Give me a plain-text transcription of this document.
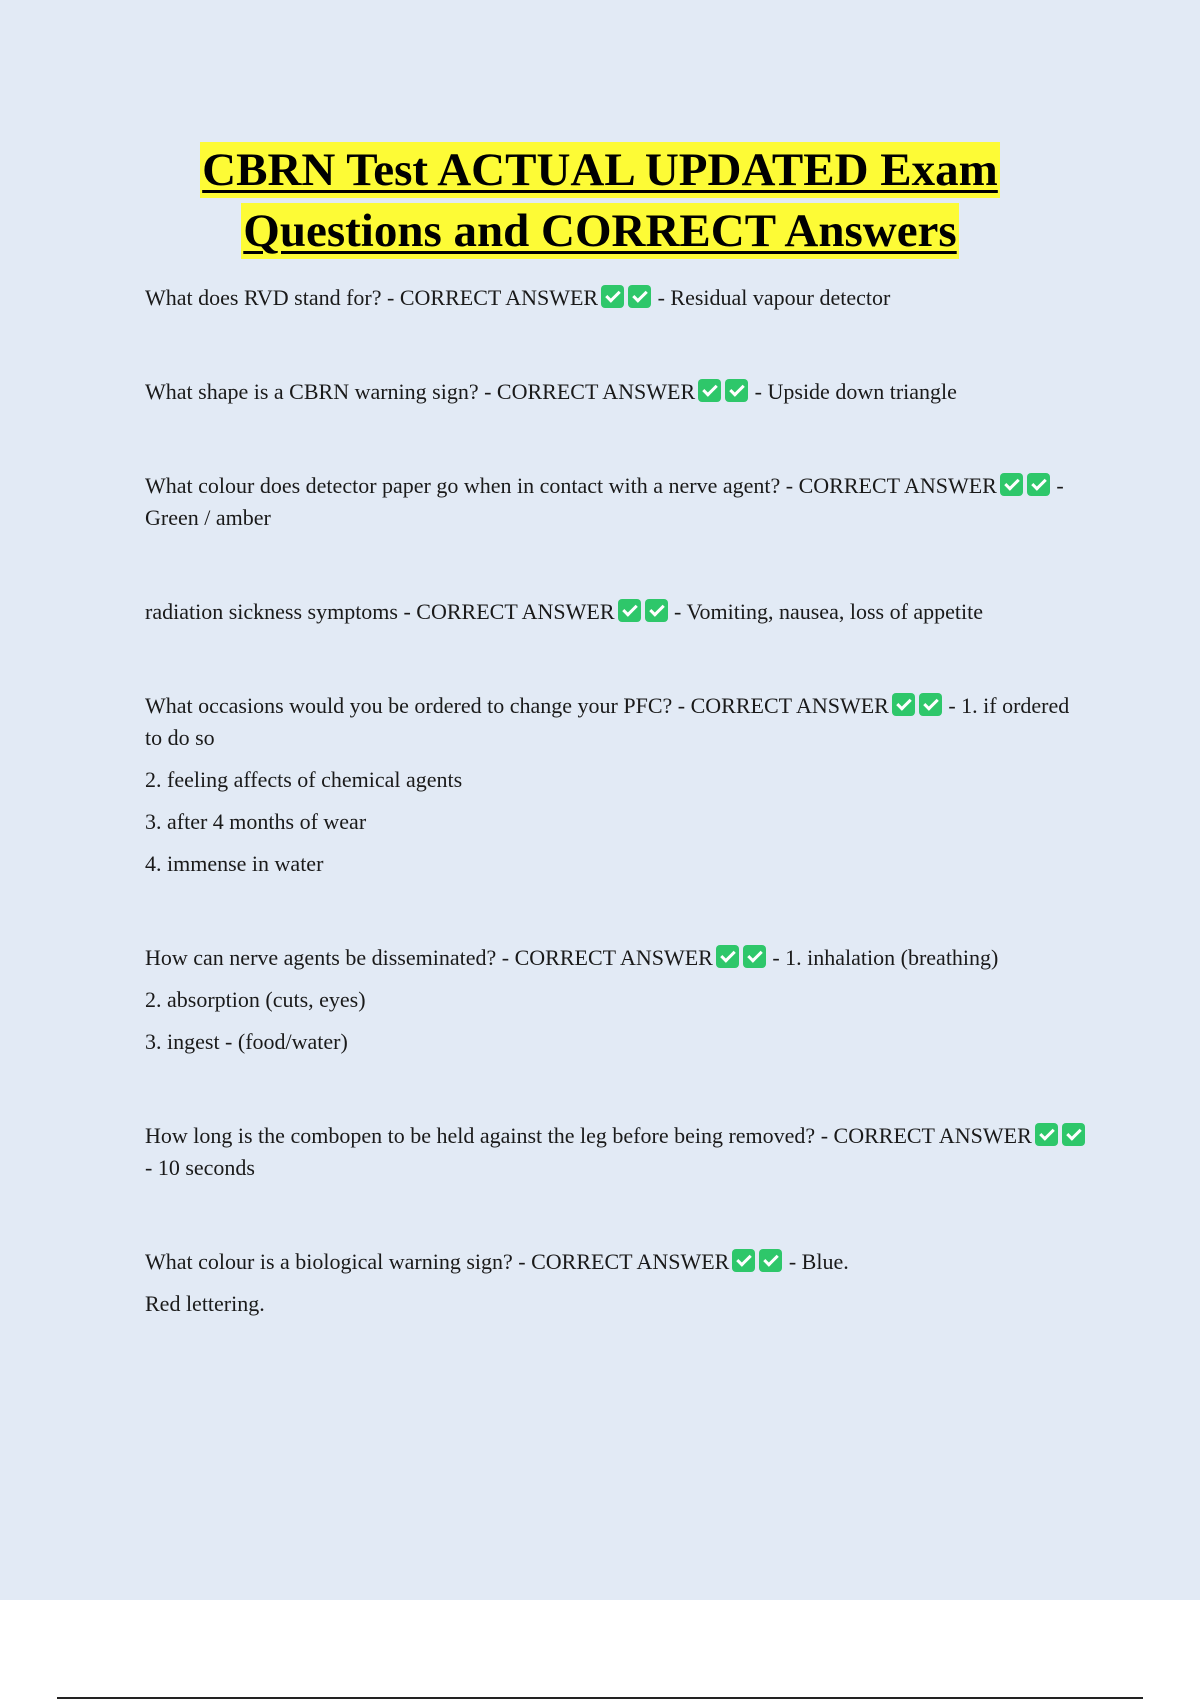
CBRN Test ACTUAL UPDATED Exam
Questions and CORRECT Answers

What does RVD stand for? - CORRECT ANSWER	- Residual vapour detector

What shape is a CBRN warning sign? - CORRECT ANSWER	- Upside down triangle

What colour does detector paper go when in contact with a nerve agent? - CORRECT ANSWER	- Green / amber

radiation sickness symptoms - CORRECT ANSWER	- Vomiting, nausea, loss of appetite

What occasions would you be ordered to change your PFC? - CORRECT ANSWER	- 1. if ordered to do so

2. feeling affects of chemical agents

3. after 4 months of wear

4. immense in water

How can nerve agents be disseminated? - CORRECT ANSWER	- 1. inhalation (breathing)

2. absorption (cuts, eyes)

3. ingest - (food/water)

How long is the combopen to be held against the leg before being removed? - CORRECT ANSWER - 10 seconds

What colour is a biological warning sign? - CORRECT ANSWER	- Blue.

Red lettering.
